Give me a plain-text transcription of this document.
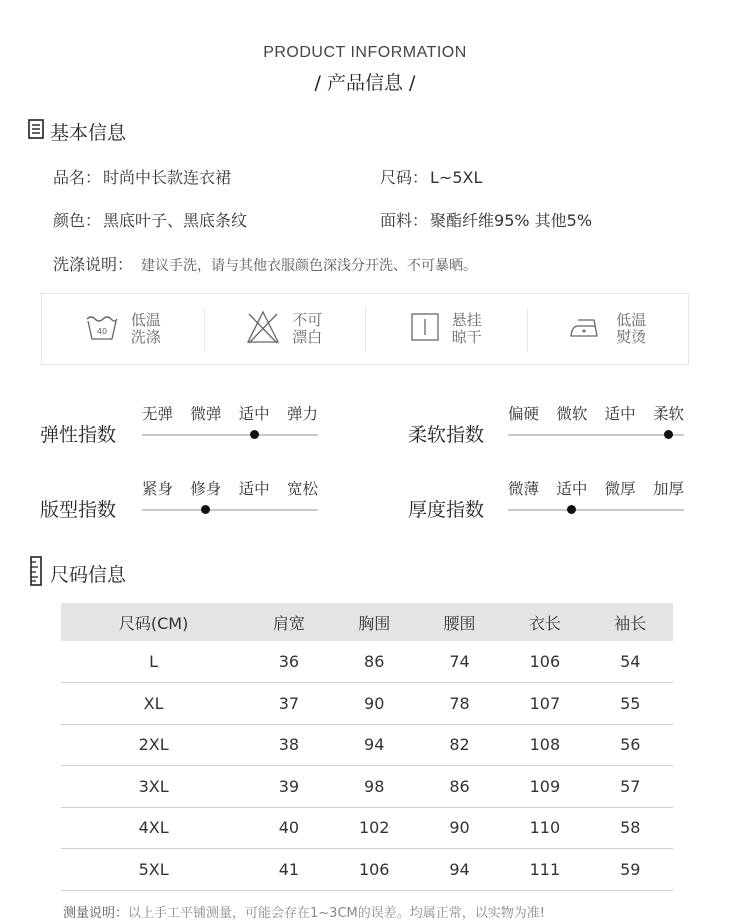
PRODUCT INFORMATION
/ 产品信息 /
基本信息
品名： 时尚中长款连衣裙	尺码： L~5XL
颜色： 黑底叶子、黑底条纹	面料： 聚酯纤维95% 其他5%
洗涤说明： 建议手洗，请与其他衣服颜色深浅分开洗、不可暴晒。
40
低温
洗涤
不可
漂白
悬挂
晾干
低温
熨烫
弹性指数
无弹 微弹 适中 弹力
柔软指数
偏硬 微软 适中 柔软
版型指数
紧身 修身 适中 宽松
厚度指数
微薄 适中 微厚 加厚
尺码信息
尺码(CM)	肩宽	胸围	腰围	衣长	袖长
L	36	86	74	106	54
XL	37	90	78	107	55
2XL	38	94	82	108	56
3XL	39	98	86	109	57
4XL	40	102	90	110	58
5XL	41	106	94	111	59
测量说明：以上手工平铺测量，可能会存在1~3CM的误差。均属正常，以实物为准!
